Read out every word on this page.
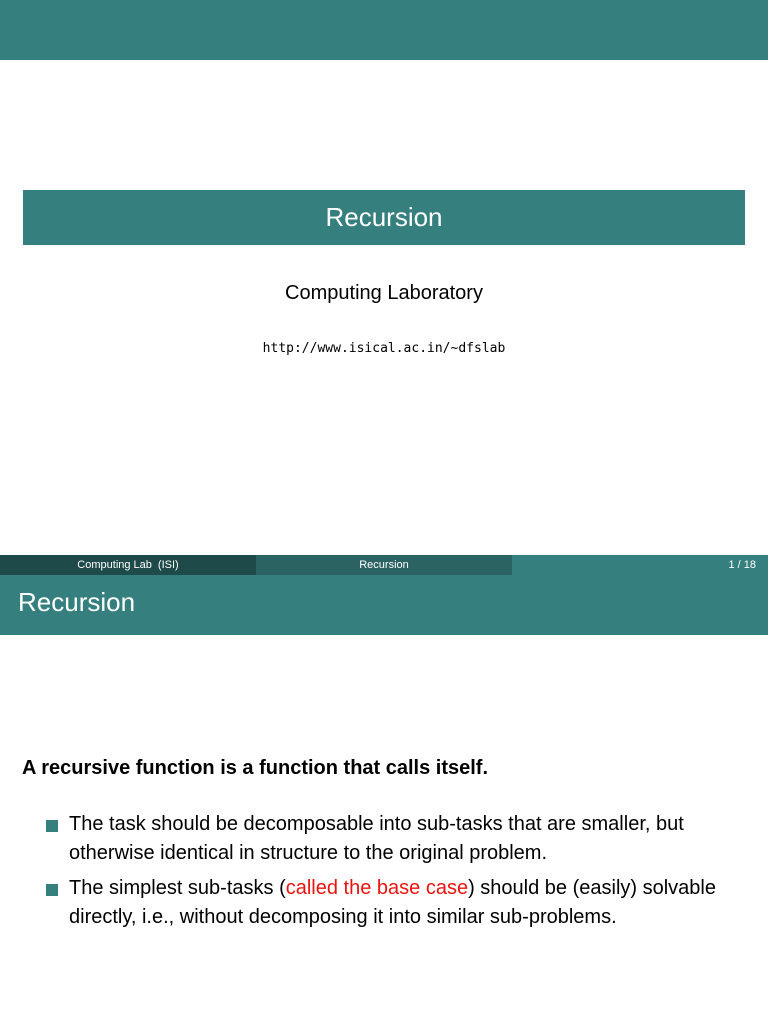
Recursion
Computing Laboratory
http://www.isical.ac.in/~dfslab
Computing Lab (ISI)	Recursion	1 / 18
Recursion
A recursive function is a function that calls itself.
The task should be decomposable into sub-tasks that are smaller, but otherwise identical in structure to the original problem.
The simplest sub-tasks (called the base case) should be (easily) solvable directly, i.e., without decomposing it into similar sub-problems.
